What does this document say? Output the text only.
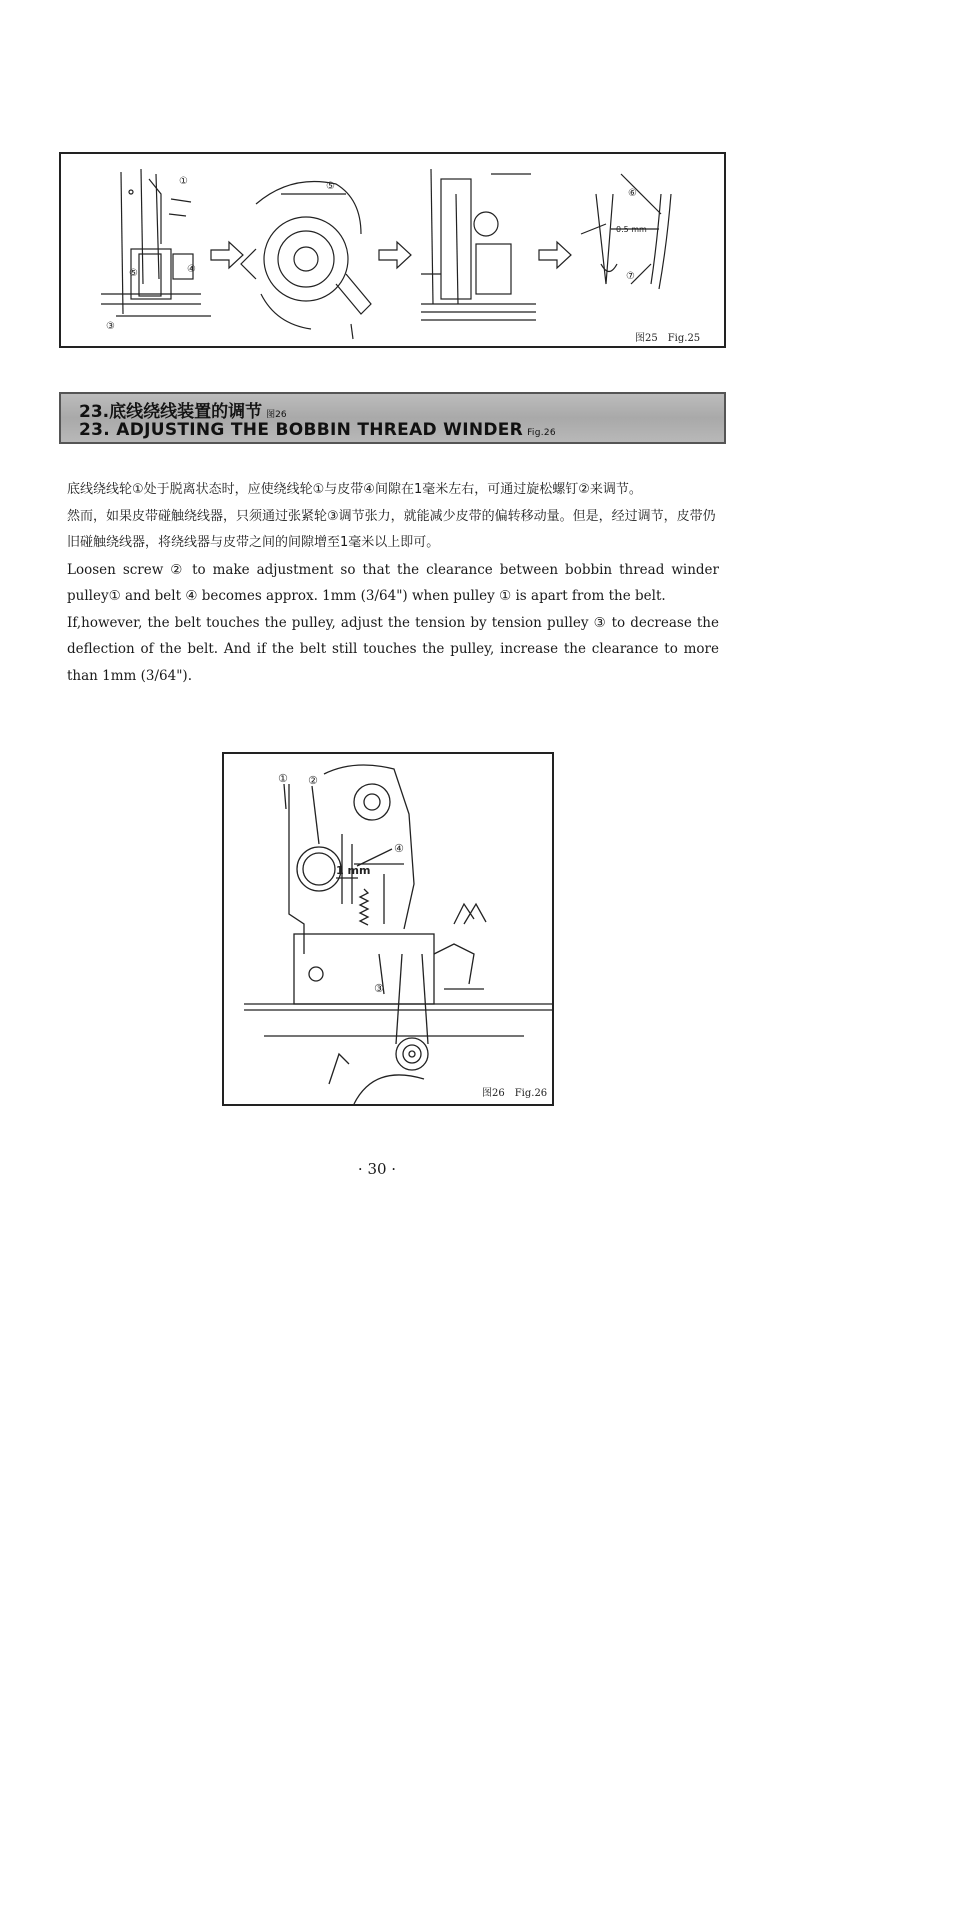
①
④
⑤
③
⑤
⑥
⑦
0.5 mm
图25　Fig.25
23.底线绕线装置的调节 图26
23. ADJUSTING THE BOBBIN THREAD WINDER Fig.26

底线绕线轮①处于脱离状态时，应使绕线轮①与皮带④间隙在1毫米左右，可通过旋松螺钉②来调节。

然而，如果皮带碰触绕线器，只须通过张紧轮③调节张力，就能减少皮带的偏转移动量。但是，经过调节，皮带仍旧碰触绕线器，将绕线器与皮带之间的间隙增至1毫米以上即可。

Loosen screw ② to make adjustment so that the clearance between bobbin thread winder pulley① and belt ④ becomes approx. 1mm (3/64") when pulley ① is apart from the belt.

If,however, the belt touches the pulley, adjust the tension by tension pulley ③ to decrease the deflection of the belt. And if the belt still touches the pulley, increase the clearance to more than 1mm (3/64").

① ②
④
1 mm
③
图26　Fig.26
· 30 ·
